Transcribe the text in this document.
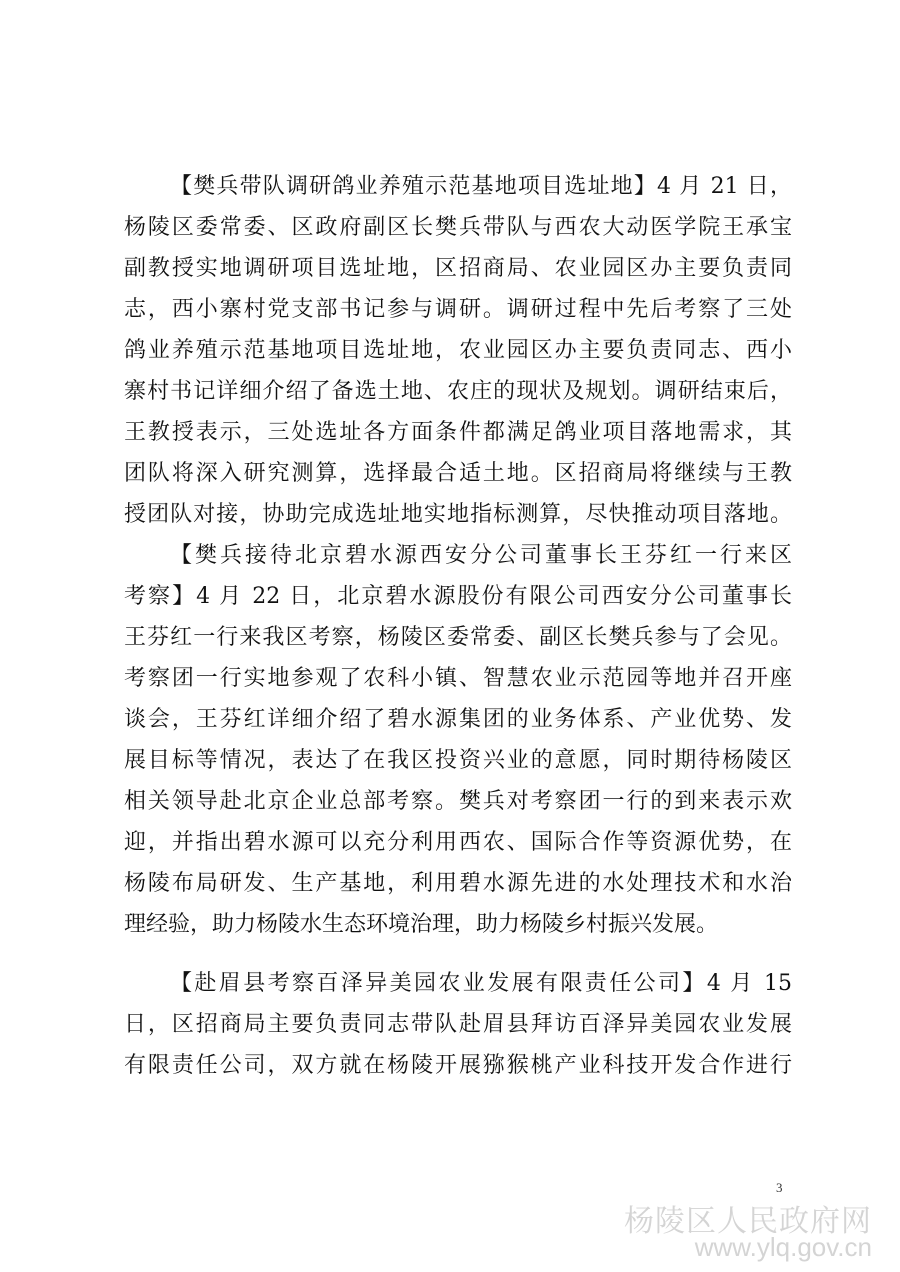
【樊兵带队调研鸽业养殖示范基地项目选址地】4 月 21 日，
杨陵区委常委、区政府副区长樊兵带队与西农大动医学院王承宝
副教授实地调研项目选址地，区招商局、农业园区办主要负责同
志，西小寨村党支部书记参与调研。调研过程中先后考察了三处
鸽业养殖示范基地项目选址地，农业园区办主要负责同志、西小
寨村书记详细介绍了备选土地、农庄的现状及规划。调研结束后，
王教授表示，三处选址各方面条件都满足鸽业项目落地需求，其
团队将深入研究测算，选择最合适土地。区招商局将继续与王教
授团队对接，协助完成选址地实地指标测算，尽快推动项目落地。
【樊兵接待北京碧水源西安分公司董事长王芬红一行来区
考察】4 月 22 日，北京碧水源股份有限公司西安分公司董事长
王芬红一行来我区考察，杨陵区委常委、副区长樊兵参与了会见。
考察团一行实地参观了农科小镇、智慧农业示范园等地并召开座
谈会，王芬红详细介绍了碧水源集团的业务体系、产业优势、发
展目标等情况，表达了在我区投资兴业的意愿，同时期待杨陵区
相关领导赴北京企业总部考察。樊兵对考察团一行的到来表示欢
迎，并指出碧水源可以充分利用西农、国际合作等资源优势，在
杨陵布局研发、生产基地，利用碧水源先进的水处理技术和水治
理经验，助力杨陵水生态环境治理，助力杨陵乡村振兴发展。
【赴眉县考察百泽异美园农业发展有限责任公司】4 月 15
日，区招商局主要负责同志带队赴眉县拜访百泽异美园农业发展
有限责任公司，双方就在杨陵开展猕猴桃产业科技开发合作进行
3
杨陵区人民政府网
www.ylq.gov.cn
